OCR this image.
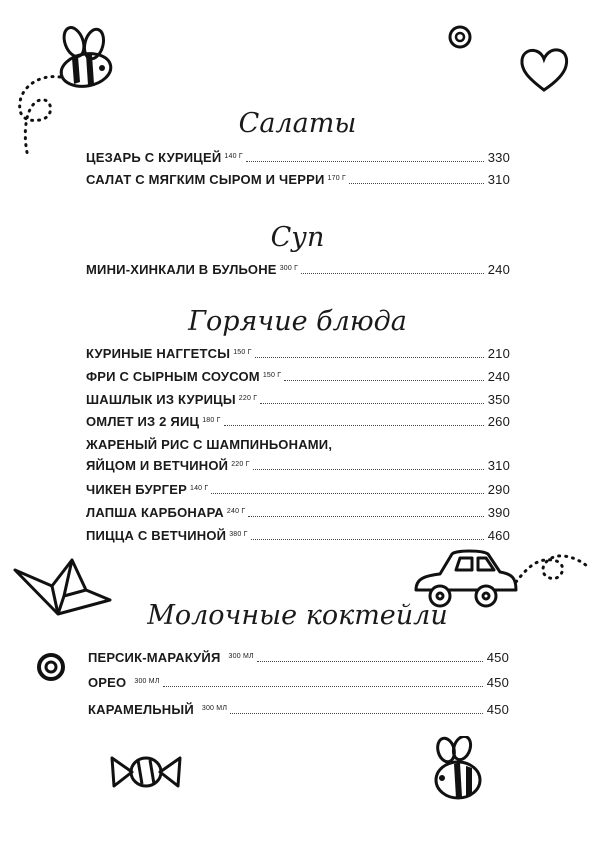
Салаты
ЦЕЗАРЬ С КУРИЦЕЙ 140 Г	330
САЛАТ С МЯГКИМ СЫРОМ И ЧЕРРИ 170 Г	310
Суп
МИНИ-ХИНКАЛИ В БУЛЬОНЕ 300 Г	240
Горячие блюда
КУРИНЫЕ НАГГЕТСЫ 150 Г	210
ФРИ С СЫРНЫМ СОУСОМ 150 Г	240
ШАШЛЫК ИЗ КУРИЦЫ 220 Г	350
ОМЛЕТ ИЗ 2 ЯИЦ 180 Г	260
ЖАРЕНЫЙ РИС С ШАМПИНЬОНАМИ,
ЯЙЦОМ И ВЕТЧИНОЙ 220 Г	310
ЧИКЕН БУРГЕР 140 Г	290
ЛАПША КАРБОНАРА 240 Г	390
ПИЦЦА С ВЕТЧИНОЙ 380 Г	460
Молочные коктейли
ПЕРСИК-МАРАКУЙЯ 300 МЛ	450
ОРЕО 300 МЛ	450
КАРАМЕЛЬНЫЙ 300 МЛ	450
